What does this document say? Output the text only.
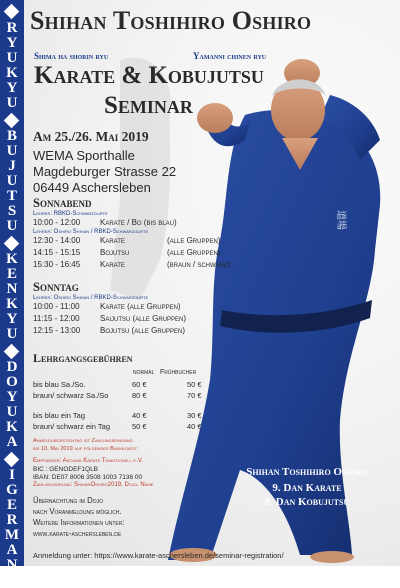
道場
R
Y
U
K
Y
U
B
U
J
U
T
S
U
K
E
N
K
Y
U
D
O
Y
U
K
A
I
G
E
R
M
A
N
Y
Shihan Toshihiro Oshiro
Shima ha shorin ryu	Yamanni chinen ryu
Karate & Kobujutsu
Seminar
Am 25./26. Mai 2019
WEMA Sporthalle
Magdeburger Strasse 22
06449 Aschersleben
Sonnabend
Lehrer: RBKD-Schwarzgurte
10:00 - 12:00 Karate / Bo (bis blau)
Lehrer: Oshiro Shihan / RBKD-Schwarzgurte
12:30 - 14:00 Karate	(alle Gruppen)
14:15 - 15:15 Bojutsu	(alle Gruppen)
15:30 - 16:45 Karate	(braun / schwarz)
Sonntag
Lehrer: Oshiro Shihan / RBKD-Schwarzgurte
10:00 - 11:00	Karate (alle Gruppen)
11:15 - 12:00	Saijutsu (alle Gruppen)
12:15 - 13:00 Bojutsu (alle Gruppen)
Lehrgangsgebühren
normal Frühbucher
bis blau Sa./So.	60 €	50 €
braun/ schwarz Sa./So	80 €	70 €
bis blau ein Tag	40 €	30 €
braun/ schwarz ein Tag	50 €	40 €
Anmeldungsstichtag ist Zahlungseingang
bis 10. Mai 2019 auf folgendes Bankkonto:
Empfänger: Ascania Karate Traditionell e.V.
BIC : GENODEF1QLB
IBAN: DE07 8006 3508 1003 7136 00
Zahlungsgrund: ShihanOshiro2019, Dojo, Name
Übernachtung im Dojo
nach Voranmeldung möglich.
Weitere Informationen unter:
www.karate-aschersleben.de
Anmeldung unter: https://www.karate-aschersleben.de/seminar-registration/
Shihan Toshihiro Oshiro
9. Dan Karate
8. Dan Kobujutsu
